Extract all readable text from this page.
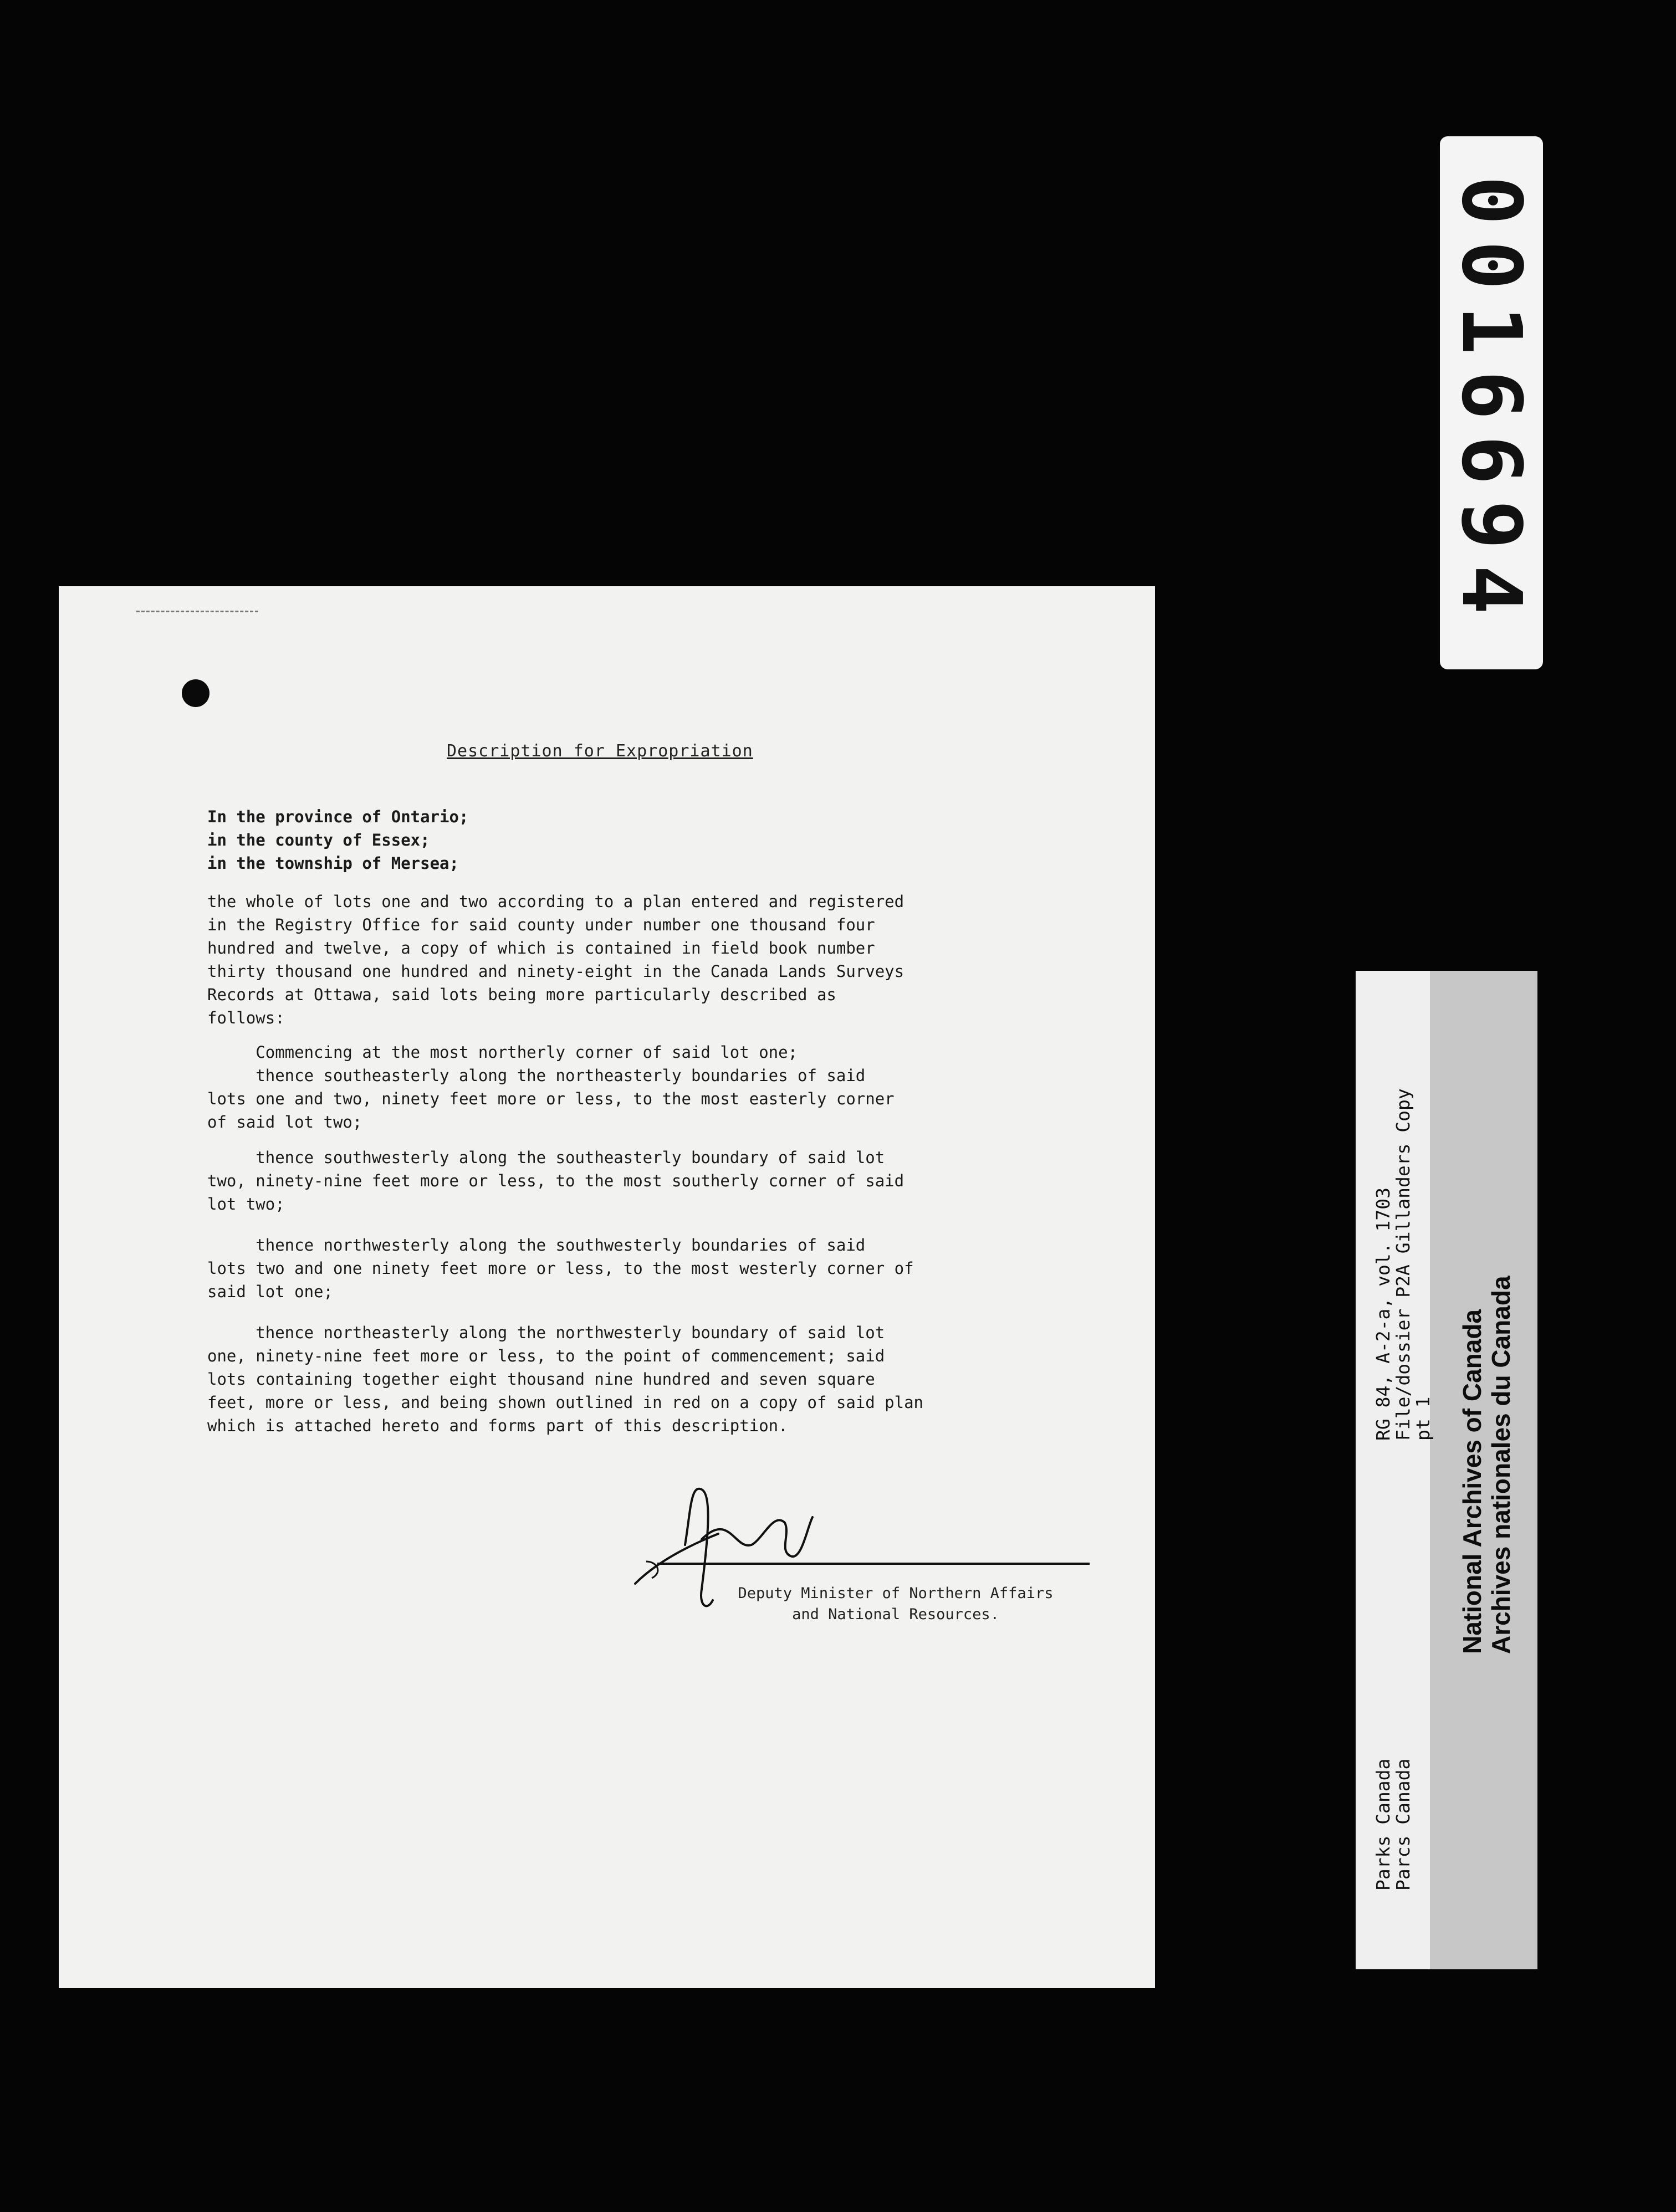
Description for Expropriation
In the province of Ontario;
in the county of Essex;
in the township of Mersea;
the whole of lots one and two according to a plan entered and registered
in the Registry Office for said county under number one thousand four
hundred and twelve, a copy of which is contained in field book number
thirty thousand one hundred and ninety-eight in the Canada Lands Surveys
Records at Ottawa, said lots being more particularly described as
follows:
Commencing at the most northerly corner of said lot one;
thence southeasterly along the northeasterly boundaries of said
lots one and two, ninety feet more or less, to the most easterly corner
of said lot two;
thence southwesterly along the southeasterly boundary of said lot
two, ninety-nine feet more or less, to the most southerly corner of said
lot two;
thence northwesterly along the southwesterly boundaries of said
lots two and one ninety feet more or less, to the most westerly corner of
said lot one;
thence northeasterly along the northwesterly boundary of said lot
one, ninety-nine feet more or less, to the point of commencement; said
lots containing together eight thousand nine hundred and seven square
feet, more or less, and being shown outlined in red on a copy of said plan
which is attached hereto and forms part of this description.
Deputy Minister of Northern Affairs
and National Resources.
0016694
RG 84, A-2-a, vol. 1703
File/dossier P2A Gillanders Copy
pt 1 National Archives of Canada Archives nationales du Canada
Parks Canada
Parcs Canada
